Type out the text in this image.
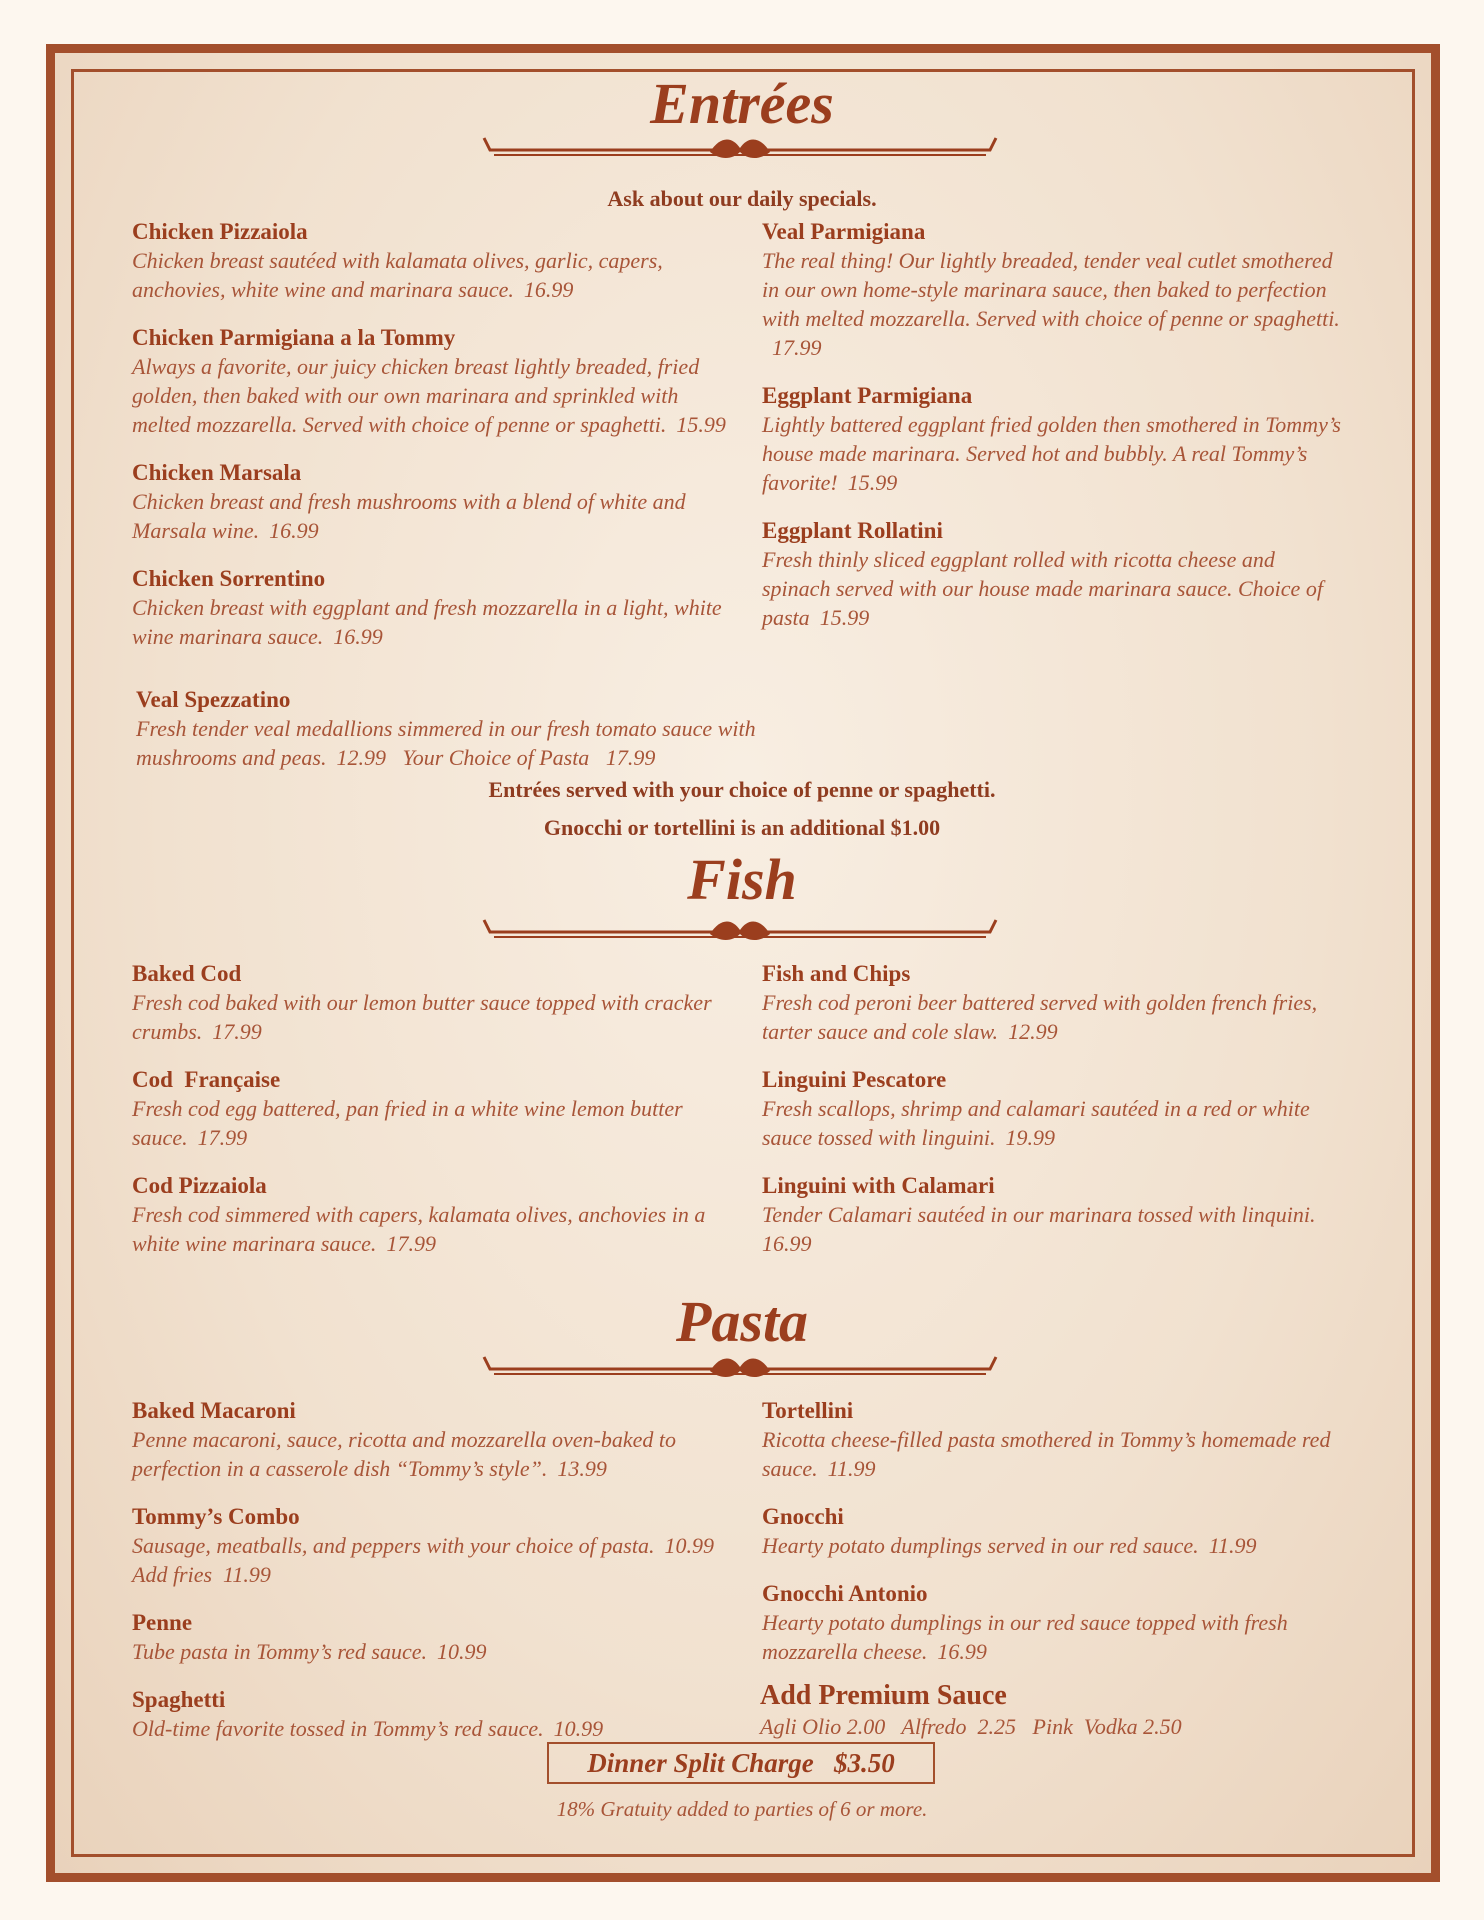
Entrées
Ask about our daily specials.
Chicken Pizzaiola
Chicken breast sautéed with kalamata olives, garlic, capers, anchovies, white wine and marinara sauce. 16.99
Chicken Parmigiana a la Tommy
Always a favorite, our juicy chicken breast lightly breaded, fried golden, then baked with our own marinara and sprinkled with melted mozzarella. Served with choice of penne or spaghetti. 15.99
Chicken Marsala
Chicken breast and fresh mushrooms with a blend of white and Marsala wine. 16.99
Chicken Sorrentino
Chicken breast with eggplant and fresh mozzarella in a light, white wine marinara sauce. 16.99
Veal Parmigiana
The real thing! Our lightly breaded, tender veal cutlet smothered in our own home-style marinara sauce, then baked to perfection with melted mozzarella. Served with choice of penne or spaghetti.17.99
Eggplant Parmigiana
Lightly battered eggplant fried golden then smothered in Tommy’s house made marinara. Served hot and bubbly. A real Tommy’s favorite! 15.99
Eggplant Rollatini
Fresh thinly sliced eggplant rolled with ricotta cheese and spinach served with our house made marinara sauce. Choice of pasta 15.99
Veal Spezzatino
Fresh tender veal medallions simmered in our fresh tomato sauce with mushrooms and peas. 12.99 Your Choice of Pasta 17.99
Entrées served with your choice of penne or spaghetti.
Gnocchi or tortellini is an additional $1.00
Fish
Baked Cod
Fresh cod baked with our lemon butter sauce topped with cracker crumbs. 17.99
Cod  Française
Fresh cod egg battered, pan fried in a white wine lemon butter sauce. 17.99
Cod Pizzaiola
Fresh cod simmered with capers, kalamata olives, anchovies in a white wine marinara sauce. 17.99
Fish and Chips
Fresh cod peroni beer battered served with golden french fries, tarter sauce and cole slaw. 12.99
Linguini Pescatore
Fresh scallops, shrimp and calamari sautéed in a red or white sauce tossed with linguini. 19.99
Linguini with Calamari
Tender Calamari sautéed in our marinara tossed with linquini.16.99
Pasta
Baked Macaroni
Penne macaroni, sauce, ricotta and mozzarella oven-baked to perfection in a casserole dish “Tommy’s style”. 13.99
Tommy’s Combo
Sausage, meatballs, and peppers with your choice of pasta. 10.99Add fries  11.99
Penne
Tube pasta in Tommy’s red sauce. 10.99
Spaghetti
Old-time favorite tossed in Tommy’s red sauce. 10.99
Tortellini
Ricotta cheese-filled pasta smothered in Tommy’s homemade red sauce. 11.99
Gnocchi
Hearty potato dumplings served in our red sauce. 11.99
Gnocchi Antonio
Hearty potato dumplings in our red sauce topped with fresh mozzarella cheese. 16.99
Add Premium Sauce
Agli Olio 2.00   Alfredo  2.25   Pink  Vodka 2.50
Dinner Split Charge   $3.50
18% Gratuity added to parties of 6 or more.
